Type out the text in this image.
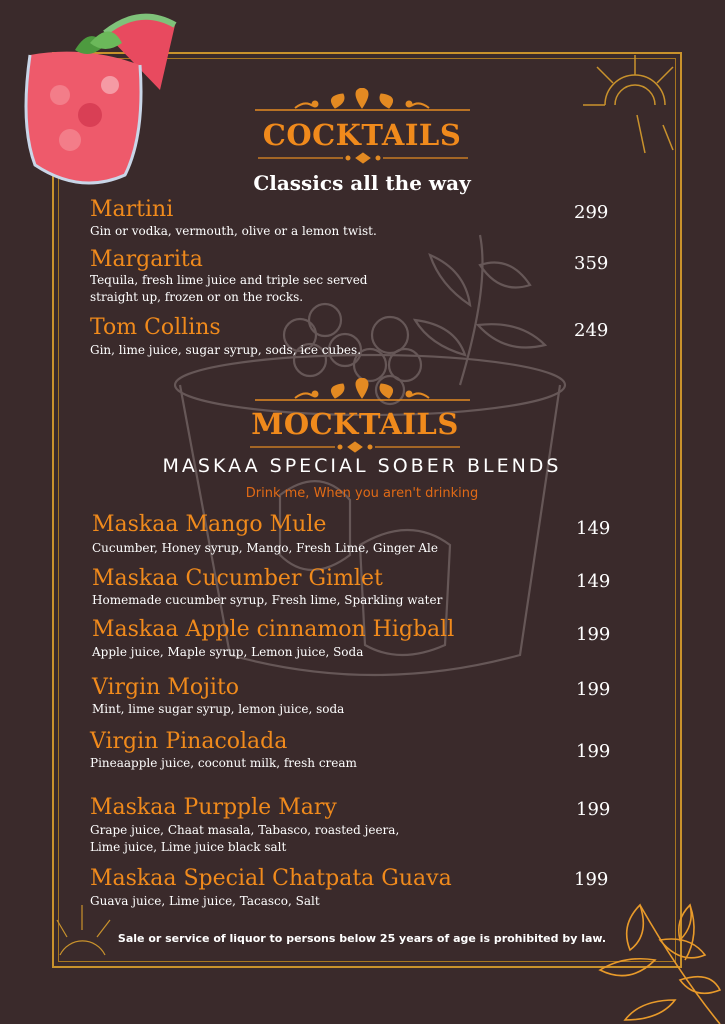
COCKTAILS
Classics all the way
Martini
Gin or vodka, vermouth, olive or a lemon twist.
299
Margarita
Tequila, fresh lime juice and triple sec served straight up, frozen or on the rocks.
359
Tom Collins
Gin, lime juice, sugar syrup, sods, ice cubes.
249
MOCKTAILS
MASKAA SPECIAL SOBER BLENDS
Drink me, When you aren't drinking
Maskaa Mango Mule
Cucumber, Honey syrup, Mango, Fresh Lime, Ginger Ale
149
Maskaa Cucumber Gimlet
Homemade cucumber syrup, Fresh lime, Sparkling water
149
Maskaa Apple cinnamon Higball
Apple juice, Maple syrup, Lemon juice, Soda
199
Virgin Mojito
Mint, lime sugar syrup, lemon juice, soda
199
Virgin Pinacolada
Pineaapple juice, coconut milk, fresh cream
199
Maskaa Purpple Mary
Grape juice, Chaat masala, Tabasco, roasted jeera, Lime juice, Lime juice black salt
199
Maskaa Special Chatpata Guava
Guava juice, Lime juice, Tacasco, Salt
199
Sale or service of liquor to persons below 25 years of age is prohibited by law.
